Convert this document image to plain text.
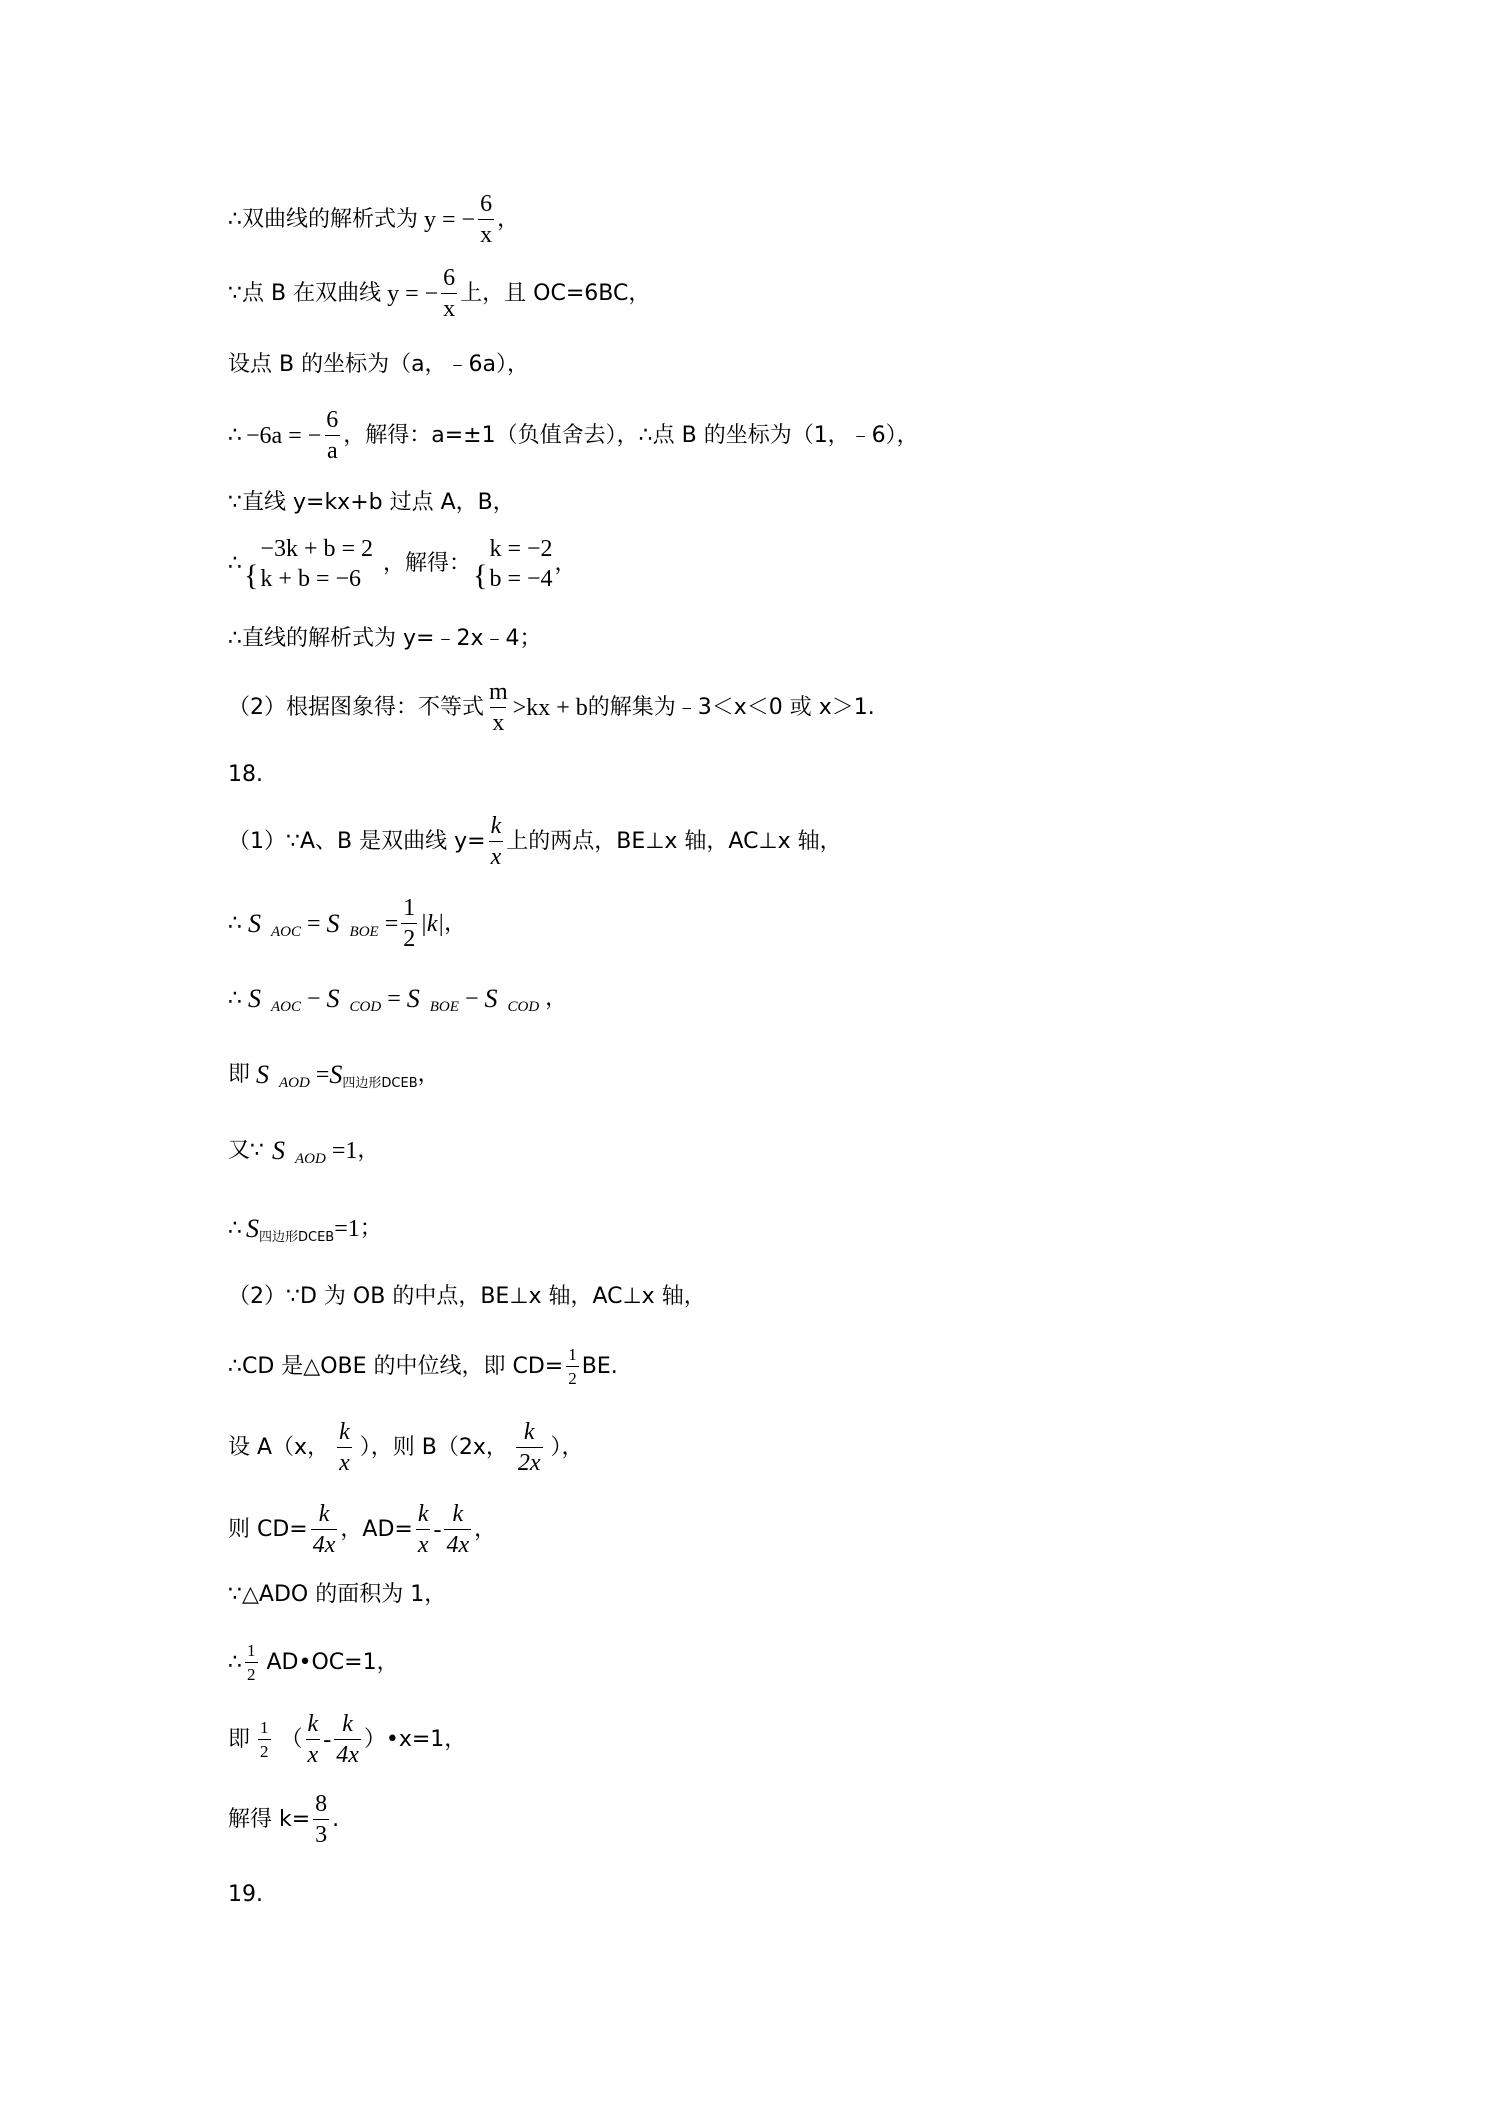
∴双曲线的解析式为 y = − $\frac{6}{x}$ ，
∵点 B 在双曲线 y = − $\frac{6}{x}$ 上，且 OC=6BC，
设点 B 的坐标为（a，﹣6a），
∴ −6a = − $\frac{6}{a}$ ，解得：a=±1（负值舍去），∴点 B 的坐标为（1，﹣6），
∵直线 y=kx+b 过点 A，B，
∴ {
−3k + b = 2
k + b = −6
，解得： {
k = −2
b = −4
，
∴直线的解析式为 y=﹣2x﹣4；
（2）根据图象得：不等式 $\frac{m}{x} >kx + b$ 的解集为﹣3＜x＜0 或 x＞1.
18.
（1）∵A、B 是双曲线 $y= \frac{k}{x}$ 上的两点，BE⊥x 轴，AC⊥x 轴，
∴ S AOC = S BOE = $\frac{1}{2} |k|$ ，
∴ S AOC − S COD = S BOE − S COD ，
即 S AOD = S 四边形DCEB ，
又∵ S AOD =1 ，
∴ S 四边形DCEB =1 ；
（2）∵D 为 OB 的中点，BE⊥x 轴，AC⊥x 轴，
∴CD 是△OBE 的中位线，即 $CD= \frac{1}{2}$ BE.
设 A（x， $\frac{k}{x}$ ），则 B（2x， $\frac{k}{2x}$ ），
则 $CD= \frac{k}{4x}$ ，$AD= \frac{k}{x} - \frac{k}{4x}$ ，
∵△ADO 的面积为 1，
∴ $\frac{1}{2}$ AD•OC=1，
即 $\frac{1}{2}$ （ $\frac{k}{x} - \frac{k}{4x}$ ）•x=1，
解得 $k= \frac{8}{3}$ .
19.
